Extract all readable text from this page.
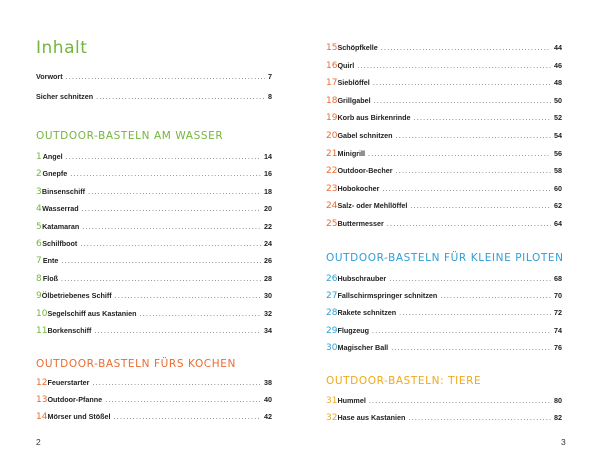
Inhalt
Vorwort .....	7
Sicher schnitzen .....	8
OUTDOOR-BASTELN AM WASSER
1 Angel .....	14
2 Gnepfe .....	16
3 Binsenschiff .....	18
4 Wasserrad .....	20
5 Katamaran .....	22
6 Schilfboot .....	24
7 Ente .....	26
8 Floß .....	28
9 Ölbetriebenes Schiff .....	30
10 Segelschiff aus Kastanien .....	32
11 Borkenschiff .....	34
OUTDOOR-BASTELN FÜRS KOCHEN
12 Feuerstarter .....	38
13 Outdoor-Pfanne .....	40
14 Mörser und Stößel .....	42
2
15 Schöpfkelle .....	44
16 Quirl .....	46
17 Sieblöffel .....	48
18 Grillgabel .....	50
19 Korb aus Birkenrinde .....	52
20 Gabel schnitzen .....	54
21 Minigrill .....	56
22 Outdoor-Becher .....	58
23 Hobokocher .....	60
24 Salz- oder Mehllöffel .....	62
25 Buttermesser .....	64
OUTDOOR-BASTELN FÜR KLEINE PILOTEN
26 Hubschrauber .....	68
27 Fallschirmspringer schnitzen .....	70
28 Rakete schnitzen .....	72
29 Flugzeug .....	74
30 Magischer Ball .....	76
OUTDOOR-BASTELN: TIERE
31 Hummel .....	80
32 Hase aus Kastanien .....	82
3
